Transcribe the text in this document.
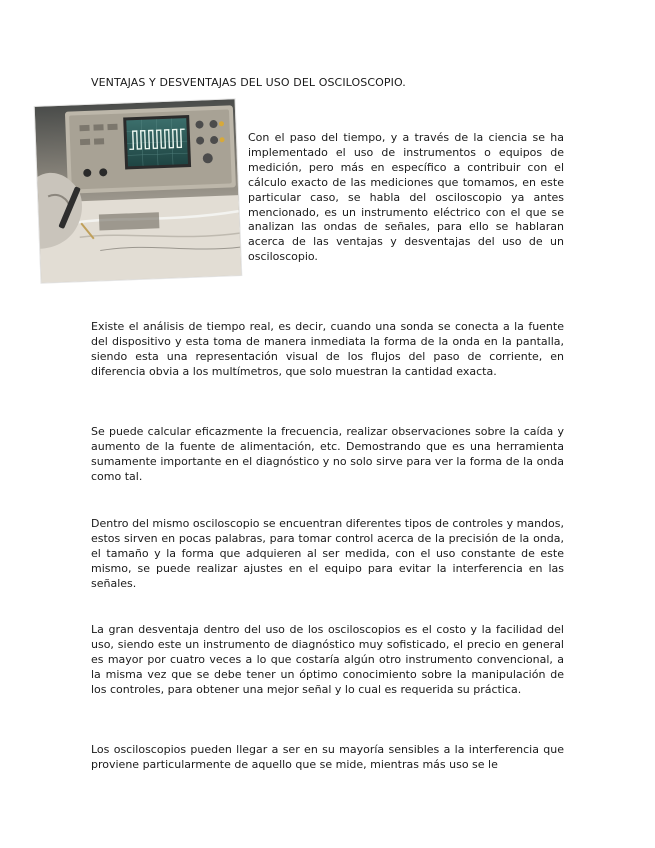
VENTAJAS Y DESVENTAJAS DEL USO DEL OSCILOSCOPIO.

Con el paso del tiempo, y a través de la ciencia se ha implementado el uso de instrumentos o equipos de medición, pero más en específico a contribuir con el cálculo exacto de las mediciones que tomamos, en este particular caso, se habla del osciloscopio ya antes mencionado, es un instrumento eléctrico con el que se analizan las ondas de señales, para ello se hablaran acerca de las ventajas y desventajas del uso de un osciloscopio.

Existe el análisis de tiempo real, es decir, cuando una sonda se conecta a la fuente del dispositivo y esta toma de manera inmediata la forma de la onda en la pantalla, siendo esta una representación visual de los flujos del paso de corriente, en diferencia obvia a los multímetros, que solo muestran la cantidad exacta.

Se puede calcular eficazmente la frecuencia, realizar observaciones sobre la caída y aumento de la fuente de alimentación, etc. Demostrando que es una herramienta sumamente importante en el diagnóstico y no solo sirve para ver la forma de la onda como tal.

Dentro del mismo osciloscopio se encuentran diferentes tipos de controles y mandos, estos sirven en pocas palabras, para tomar control acerca de la precisión de la onda, el tamaño y la forma que adquieren al ser medida, con el uso constante de este mismo, se puede realizar ajustes en el equipo para evitar la interferencia en las señales.

La gran desventaja dentro del uso de los osciloscopios es el costo y la facilidad del uso, siendo este un instrumento de diagnóstico muy sofisticado, el precio en general es mayor por cuatro veces a lo que costaría algún otro instrumento convencional, a la misma vez que se debe tener un óptimo conocimiento sobre la manipulación de los controles, para obtener una mejor señal y lo cual es requerida su práctica.

Los osciloscopios pueden llegar a ser en su mayoría sensibles a la interferencia que proviene particularmente de aquello que se mide, mientras más uso se le
